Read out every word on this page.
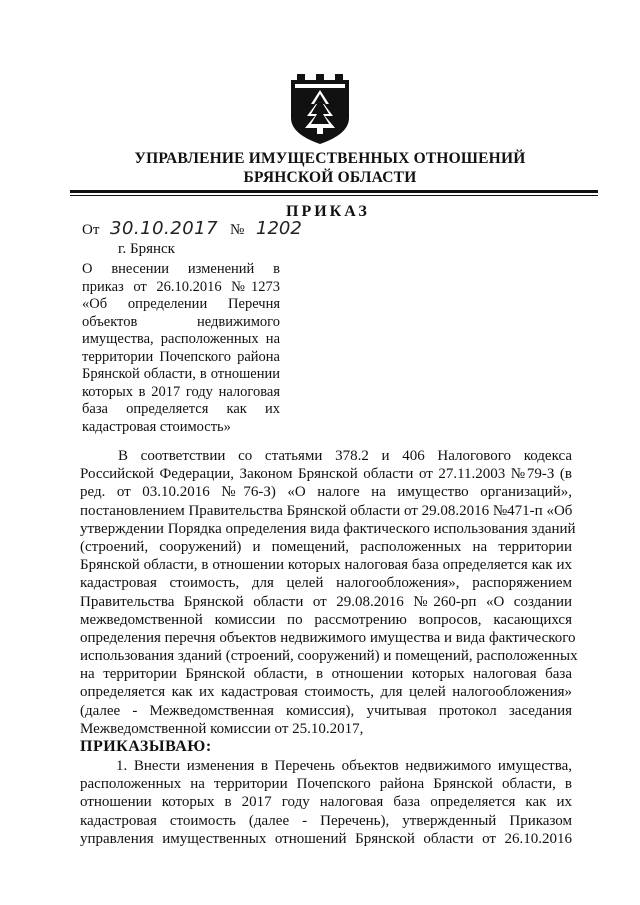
УПРАВЛЕНИЕ ИМУЩЕСТВЕННЫХ ОТНОШЕНИЙ
БРЯНСКОЙ ОБЛАСТИ
ПРИКАЗ
От 30.10.2017 № 1202
г. Брянск
О внесении изменений в
приказ от 26.10.2016 №1273
«Об определении Перечня
объектов недвижимого
имущества, расположенных на
территории Почепского района
Брянской области, в отношении
которых в 2017 году налоговая
база определяется как их
кадастровая стоимость»
В соответствии со статьями 378.2 и 406 Налогового кодекса
Российской Федерации, Законом Брянской области от 27.11.2003 №79-З (в
ред. от 03.10.2016 №76-З) «О налоге на имущество организаций»,
постановлением Правительства Брянской области от 29.08.2016 №471-п «Об
утверждении Порядка определения вида фактического использования зданий
(строений, сооружений) и помещений, расположенных на территории
Брянской области, в отношении которых налоговая база определяется как их
кадастровая стоимость, для целей налогообложения», распоряжением
Правительства Брянской области от 29.08.2016 №260-рп «О создании
межведомственной комиссии по рассмотрению вопросов, касающихся
определения перечня объектов недвижимого имущества и вида фактического
использования зданий (строений, сооружений) и помещений, расположенных
на территории Брянской области, в отношении которых налоговая база
определяется как их кадастровая стоимость, для целей налогообложения»
(далее - Межведомственная комиссия), учитывая протокол заседания
Межведомственной комиссии от 25.10.2017,
ПРИКАЗЫВАЮ:
1. Внести изменения в Перечень объектов недвижимого имущества,
расположенных на территории Почепского района Брянской области, в
отношении которых в 2017 году налоговая база определяется как их
кадастровая стоимость (далее - Перечень), утвержденный Приказом
управления имущественных отношений Брянской области от 26.10.2016
